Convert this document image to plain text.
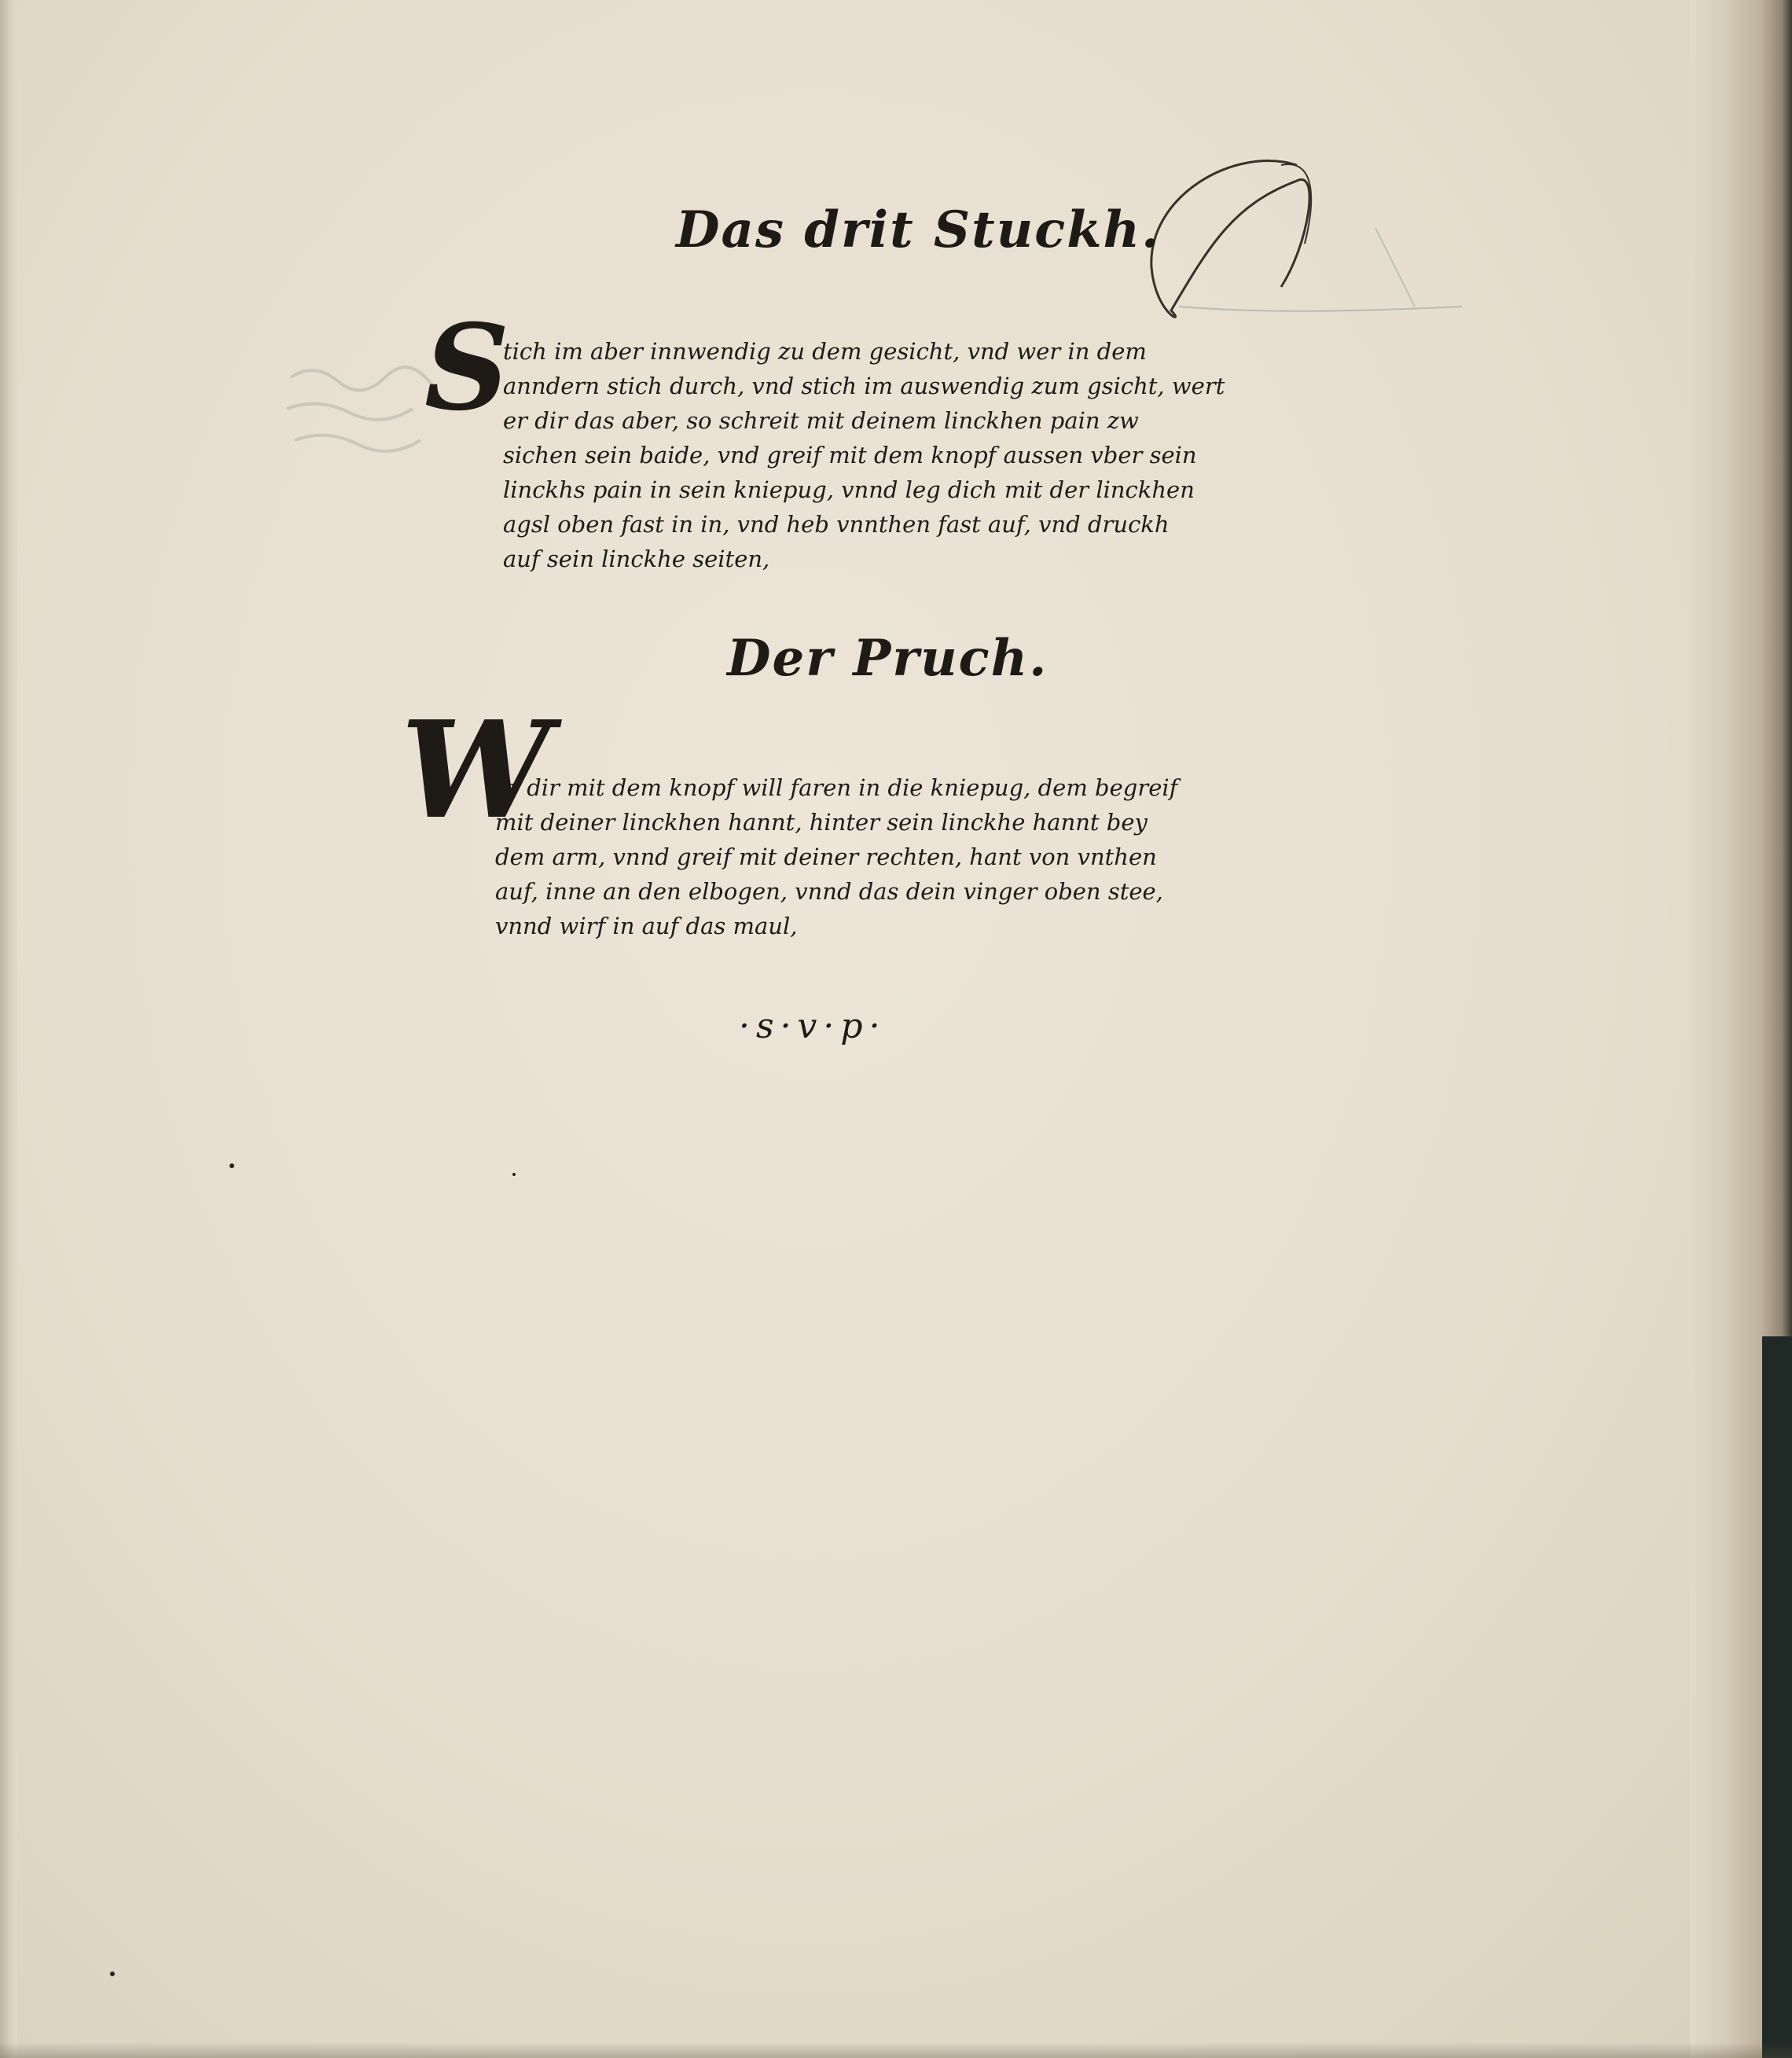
Das drit Stuckh.
S
tich im aber innwendig zu dem gesicht, vnd wer in dem
anndern stich durch, vnd stich im auswendig zum gsicht, wert
er dir das aber, so schreit mit deinem linckhen pain zw
sichen sein baide, vnd greif mit dem knopf aussen vber sein
linckhs pain in sein kniepug, vnnd leg dich mit der linckhen
agsl oben fast in in, vnd heb vnnthen fast auf, vnd druckh
auf sein linckhe seiten,
Der Pruch.
W
er dir mit dem knopf will faren in die kniepug, dem begreif
mit deiner linckhen hannt, hinter sein linckhe hannt bey
dem arm, vnnd greif mit deiner rechten, hant von vnthen
auf, inne an den elbogen, vnnd das dein vinger oben stee,
vnnd wirf in auf das maul,
·s·v·p·
